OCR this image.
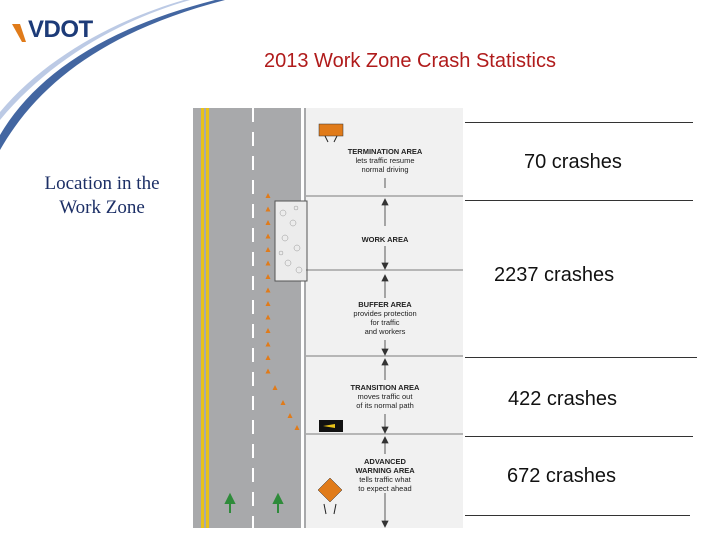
VDOT
2013 Work Zone Crash Statistics
Location in the Work Zone
TERMINATION AREA
lets traffic resume
normal driving
WORK AREA
BUFFER AREA
provides protection
for traffic
and workers
TRANSITION AREA
moves traffic out
of its normal path
ADVANCED
WARNING AREA
tells traffic what
to expect ahead
70 crashes
2237 crashes
422 crashes
672 crashes
